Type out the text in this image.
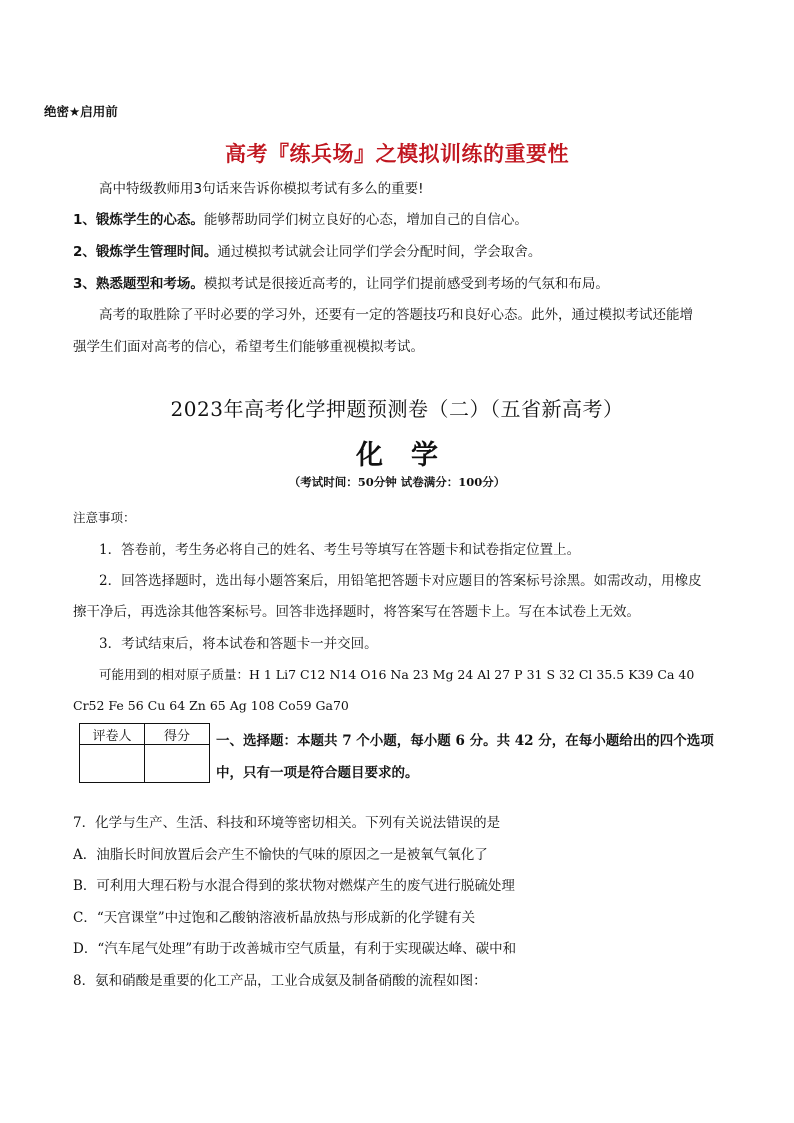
绝密★启用前
高考『练兵场』之模拟训练的重要性
高中特级教师用3句话来告诉你模拟考试有多么的重要!
1、锻炼学生的心态。能够帮助同学们树立良好的心态，增加自己的自信心。
2、锻炼学生管理时间。通过模拟考试就会让同学们学会分配时间，学会取舍。
3、熟悉题型和考场。模拟考试是很接近高考的，让同学们提前感受到考场的气氛和布局。
高考的取胜除了平时必要的学习外，还要有一定的答题技巧和良好心态。此外，通过模拟考试还能增
强学生们面对高考的信心，希望考生们能够重视模拟考试。
2023年高考化学押题预测卷（二）（五省新高考）
化学
（考试时间：50分钟 试卷满分：100分）
注意事项：
1．答卷前，考生务必将自己的姓名、考生号等填写在答题卡和试卷指定位置上。
2．回答选择题时，选出每小题答案后，用铅笔把答题卡对应题目的答案标号涂黑。如需改动，用橡皮
擦干净后，再选涂其他答案标号。回答非选择题时，将答案写在答题卡上。写在本试卷上无效。
3．考试结束后，将本试卷和答题卡一并交回。
可能用到的相对原子质量：H 1 Li7 C12 N14 O16 Na 23 Mg 24 Al 27 P 31 S 32 Cl 35.5 K39 Ca 40
Cr52 Fe 56 Cu 64 Zn 65 Ag 108 Co59 Ga70
评卷人	得分
	一、选择题：本题共 7 个小题，每小题 6 分。共 42 分，在每小题给出的四个选项
中，只有一项是符合题目要求的。
7．化学与生产、生活、科技和环境等密切相关。下列有关说法错误的是
A．油脂长时间放置后会产生不愉快的气味的原因之一是被氧气氧化了
B．可利用大理石粉与水混合得到的浆状物对燃煤产生的废气进行脱硫处理
C．“天宫课堂”中过饱和乙酸钠溶液析晶放热与形成新的化学键有关
D．“汽车尾气处理”有助于改善城市空气质量，有利于实现碳达峰、碳中和
8．氨和硝酸是重要的化工产品，工业合成氨及制备硝酸的流程如图：
